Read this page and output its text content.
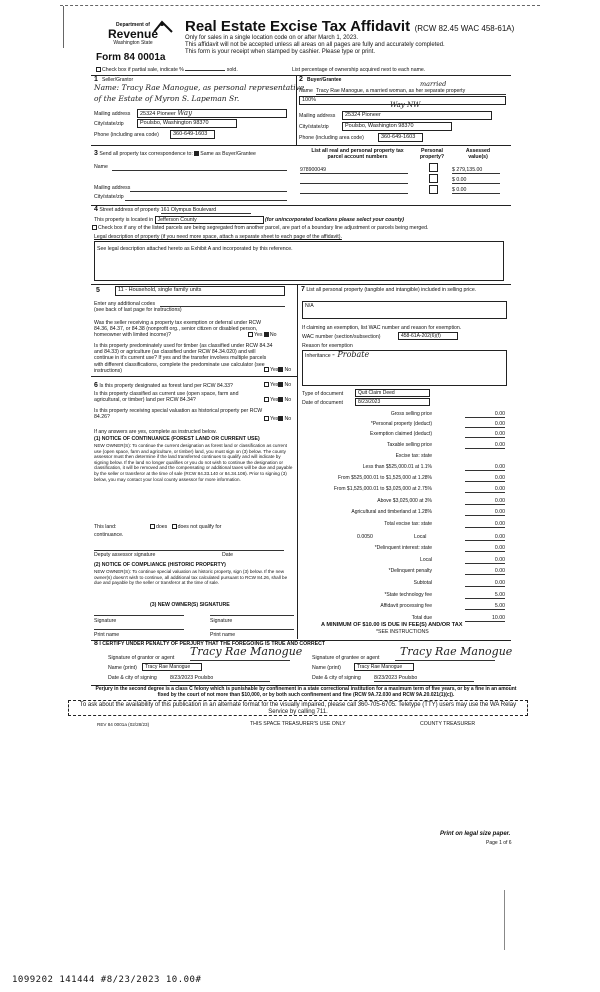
Department of
Revenue
Washington State
Form 84 0001a
Real Estate Excise Tax Affidavit (RCW 82.45 WAC 458-61A)
Only for sales in a single location code on or after March 1, 2023.
This affidavit will not be accepted unless all areas on all pages are fully and accurately completed.
This form is your receipt when stamped by cashier. Please type or print.
Check box if partial sale, indicate %	sold.	List percentage of ownership acquired next to each name.
1 Seller/Grantor
Name: Tracy Rae Manogue, as personal representative
of the Estate of Myron S. Lapeman Sr.
Mailing address	25324 Pioneer Way
City/state/zip	Poulsbo, Washington 98370
Phone (including area code)	360-649-1603
2 Buyer/Grantee	married
Name Tracy Rae Manogue, a married woman, as her separate property
100%
Way NW
Mailing address	25324 Pioneer
City/state/zip	Poulsbo, Washington 98370
Phone (including area code)	360-649-1603
3 Send all property tax correspondence to: Same as Buyer/Grantee
Name
Mailing address
City/state/zip
List all real and personal property tax parcel account numbers
Personal property?
Assessed value(s)
978900049	$ 279,135.00
$ 0.00
$ 0.00
4 Street address of property 161 Olympus Boulevard
This property is located in Jefferson County	(for unincorporated locations please select your county)
Check box if any of the listed parcels are being segregated from another parcel, are part of a boundary line adjustment or parcels being merged.
Legal description of property (if you need more space, attach a separate sheet to each page of the affidavit).
See legal description attached hereto as Exhibit A and incorporated by this reference.
5	11 - Household, single family units
Enter any additional codes
(see back of last page for instructions)
Was the seller receiving a property tax exemption or deferral under RCW 84.36, 84.37, or 84.38 (nonprofit org., senior citizen or disabled person, homeowner with limited income)?	Yes No
Is this property predominately used for timber (as classified under RCW 84.34 and 84.33) or agriculture (as classified under RCW 84.34.020) and will continue in it's current use? If yes and the transfer involves multiple parcels with different classifications, complete the predominate use calculator (see instructions)	Yes No
6 Is this property designated as forest land per RCW 84.33?	Yes No
Is this property classified as current use (open space, farm and agricultural, or timber) land per RCW 84.34?	Yes No
Is this property receiving special valuation as historical property per RCW 84.26?	Yes No
If any answers are yes, complete as instructed below.
(1) NOTICE OF CONTINUANCE (FOREST LAND OR CURRENT USE)
NEW OWNER(S): To continue the current designation as forest land or classification as current use (open space, farm and agriculture, or timber) land, you must sign on (3) below. The county assessor must then determine if the land transferred continues to qualify and will indicate by signing below. If the land no longer qualifies or you do not wish to continue the designation or classification, it will be removed and the compensating or additional taxes will be due and payable by the seller or transferor at the time of sale (RCW 84.33.140 or 84.34.108). Prior to signing (3) below, you may contact your local county assessor for more information.
This land:	does does not qualify for
continuance.
Deputy assessor signature	Date
(2) NOTICE OF COMPLIANCE (HISTORIC PROPERTY)
NEW OWNER(S): To continue special valuation as historic property, sign (3) below. If the new owner(s) doesn't wish to continue, all additional tax calculated pursuant to RCW 84.26, shall be due and payable by the seller or transferor at the time of sale.
(3) NEW OWNER(S) SIGNATURE
Signature	Signature
Print name	Print name
7 List all personal property (tangible and intangible) included in selling price.
N/A
If claiming an exemption, list WAC number and reason for exemption.
WAC number (section/subsection)	458-61A-202(6)(f)
Reason for exemption
Inheritance - Probate
Type of document	Quit Claim Deed
Date of document	8/23/2023
Gross selling price	0.00
*Personal property (deduct)	0.00
Exemption claimed (deduct)	0.00
Taxable selling price	0.00
Excise tax: state
Less than $525,000.01 at 1.1%	0.00
From $525,000.01 to $1,525,000 at 1.28%	0.00
From $1,525,000.01 to $3,025,000 at 2.75%	0.00
Above $3,025,000 at 3%	0.00
Agricultural and timberland at 1.28%	0.00
Total excise tax: state	0.00
0.0050	Local	0.00
*Delinquent interest: state	0.00
Local	0.00
*Delinquent penalty	0.00
Subtotal	0.00
*State technology fee	5.00
Affidavit processing fee	5.00
Total due	10.00
A MINIMUM OF $10.00 IS DUE IN FEE(S) AND/OR TAX
*SEE INSTRUCTIONS
8 I CERTIFY UNDER PENALTY OF PERJURY THAT THE FOREGOING IS TRUE AND CORRECT
Signature of grantor or agent Tracy Rae Manogue
Name (print)	Tracy Rae Manogue
Date & city of signing	8/23/2023 Poulsbo
Signature of grantee or agent Tracy Rae Manogue
Name (print)	Tracy Rae Manogue
Date & city of signing	8/23/2023 Poulsbo
Perjury in the second degree is a class C felony which is punishable by confinement in a state correctional institution for a maximum term of five years, or by a fine in an amount fixed by the court of not more than $10,000, or by both such confinement and fine (RCW 9A.72.030 and RCW 9A.20.021(1)(c)).
To ask about the availability of this publication in an alternate format for the visually impaired, please call 360-705-6705. Teletype (TTY) users may use the WA Relay Service by calling 711.
REV 84 0001a (02/28/23)	THIS SPACE TREASURER'S USE ONLY	COUNTY TREASURER
Print on legal size paper.
Page 1 of 6
1099202 141444 #8/23/2023 10.00#
